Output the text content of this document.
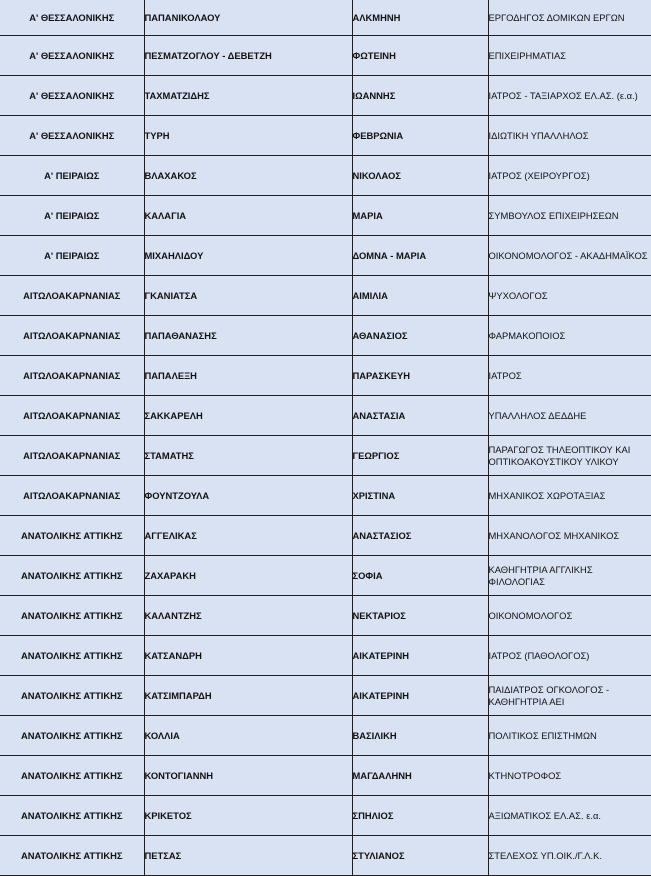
Α' ΘΕΣΣΑΛΟΝΙΚΗΣ	ΠΑΠΑΝΙΚΟΛΑΟΥ	ΑΛΚΜΗΝΗ	ΕΡΓΟΔΗΓΟΣ ΔΟΜΙΚΩΝ ΕΡΓΩΝ
Α' ΘΕΣΣΑΛΟΝΙΚΗΣ	ΠΕΣΜΑΤΖΟΓΛΟΥ - ΔΕΒΕΤΖΗ	ΦΩΤΕΙΝΗ	ΕΠΙΧΕΙΡΗΜΑΤΙΑΣ
Α' ΘΕΣΣΑΛΟΝΙΚΗΣ	ΤΑΧΜΑΤΖΙΔΗΣ	ΙΩΑΝΝΗΣ	ΙΑΤΡΟΣ - ΤΑΞΙΑΡΧΟΣ ΕΛ.ΑΣ. (ε.α.)
Α' ΘΕΣΣΑΛΟΝΙΚΗΣ	ΤΥΡΗ	ΦΕΒΡΩΝΙΑ	ΙΔΙΩΤΙΚΗ ΥΠΑΛΛΗΛΟΣ
Α' ΠΕΙΡΑΙΩΣ	ΒΛΑΧΑΚΟΣ	ΝΙΚΟΛΑΟΣ	ΙΑΤΡΟΣ (ΧΕΙΡΟΥΡΓΟΣ)
Α' ΠΕΙΡΑΙΩΣ	ΚΑΛΑΓΙΑ	ΜΑΡΙΑ	ΣΥΜΒΟΥΛΟΣ ΕΠΙΧΕΙΡΗΣΕΩΝ
Α' ΠΕΙΡΑΙΩΣ	ΜΙΧΑΗΛΙΔΟΥ	ΔΟΜΝΑ - ΜΑΡΙΑ	ΟΙΚΟΝΟΜΟΛΟΓΟΣ - ΑΚΑΔΗΜΑΪΚΟΣ
ΑΙΤΩΛΟΑΚΑΡΝΑΝΙΑΣ	ΓΚΑΝΙΑΤΣΑ	ΑΙΜΙΛΙΑ	ΨΥΧΟΛΟΓΟΣ
ΑΙΤΩΛΟΑΚΑΡΝΑΝΙΑΣ	ΠΑΠΑΘΑΝΑΣΗΣ	ΑΘΑΝΑΣΙΟΣ	ΦΑΡΜΑΚΟΠΟΙΟΣ
ΑΙΤΩΛΟΑΚΑΡΝΑΝΙΑΣ	ΠΑΠΑΛΕΞΗ	ΠΑΡΑΣΚΕΥΗ	ΙΑΤΡΟΣ
ΑΙΤΩΛΟΑΚΑΡΝΑΝΙΑΣ	ΣΑΚΚΑΡΕΛΗ	ΑΝΑΣΤΑΣΙΑ	ΥΠΑΛΛΗΛΟΣ ΔΕΔΔΗΕ
ΑΙΤΩΛΟΑΚΑΡΝΑΝΙΑΣ	ΣΤΑΜΑΤΗΣ	ΓΕΩΡΓΙΟΣ	ΠΑΡΑΓΩΓΟΣ ΤΗΛΕΟΠΤΙΚΟΥ ΚΑΙ ΟΠΤΙΚΟΑΚΟΥΣΤΙΚΟΥ ΥΛΙΚΟΥ
ΑΙΤΩΛΟΑΚΑΡΝΑΝΙΑΣ	ΦΟΥΝΤΖΟΥΛΑ	ΧΡΙΣΤΙΝΑ	ΜΗΧΑΝΙΚΟΣ ΧΩΡΟΤΑΞΙΑΣ
ΑΝΑΤΟΛΙΚΗΣ ΑΤΤΙΚΗΣ	ΑΓΓΕΛΙΚΑΣ	ΑΝΑΣΤΑΣΙΟΣ	ΜΗΧΑΝΟΛΟΓΟΣ ΜΗΧΑΝΙΚΟΣ
ΑΝΑΤΟΛΙΚΗΣ ΑΤΤΙΚΗΣ	ΖΑΧΑΡΑΚΗ	ΣΟΦΙΑ	ΚΑΘΗΓΗΤΡΙΑ ΑΓΓΛΙΚΗΣ ΦΙΛΟΛΟΓΙΑΣ
ΑΝΑΤΟΛΙΚΗΣ ΑΤΤΙΚΗΣ	ΚΑΛΑΝΤΖΗΣ	ΝΕΚΤΑΡΙΟΣ	ΟΙΚΟΝΟΜΟΛΟΓΟΣ
ΑΝΑΤΟΛΙΚΗΣ ΑΤΤΙΚΗΣ	ΚΑΤΣΑΝΔΡΗ	ΑΙΚΑΤΕΡΙΝΗ	ΙΑΤΡΟΣ (ΠΑΘΟΛΟΓΟΣ)
ΑΝΑΤΟΛΙΚΗΣ ΑΤΤΙΚΗΣ	ΚΑΤΣΙΜΠΑΡΔΗ	ΑΙΚΑΤΕΡΙΝΗ	ΠΑΙΔΙΑΤΡΟΣ ΟΓΚΟΛΟΓΟΣ - ΚΑΘΗΓΗΤΡΙΑ ΑΕΙ
ΑΝΑΤΟΛΙΚΗΣ ΑΤΤΙΚΗΣ	ΚΟΛΛΙΑ	ΒΑΣΙΛΙΚΗ	ΠΟΛΙΤΙΚΟΣ ΕΠΙΣΤΗΜΩΝ
ΑΝΑΤΟΛΙΚΗΣ ΑΤΤΙΚΗΣ	ΚΟΝΤΟΓΙΑΝΝΗ	ΜΑΓΔΑΛΗΝΗ	ΚΤΗΝΟΤΡΟΦΟΣ
ΑΝΑΤΟΛΙΚΗΣ ΑΤΤΙΚΗΣ	ΚΡΙΚΕΤΟΣ	ΣΠΗΛΙΟΣ	ΑΞΙΩΜΑΤΙΚΟΣ ΕΛ.ΑΣ. ε.α.
ΑΝΑΤΟΛΙΚΗΣ ΑΤΤΙΚΗΣ	ΠΕΤΣΑΣ	ΣΤΥΛΙΑΝΟΣ	ΣΤΕΛΕΧΟΣ ΥΠ.ΟΙΚ./Γ.Λ.Κ.
